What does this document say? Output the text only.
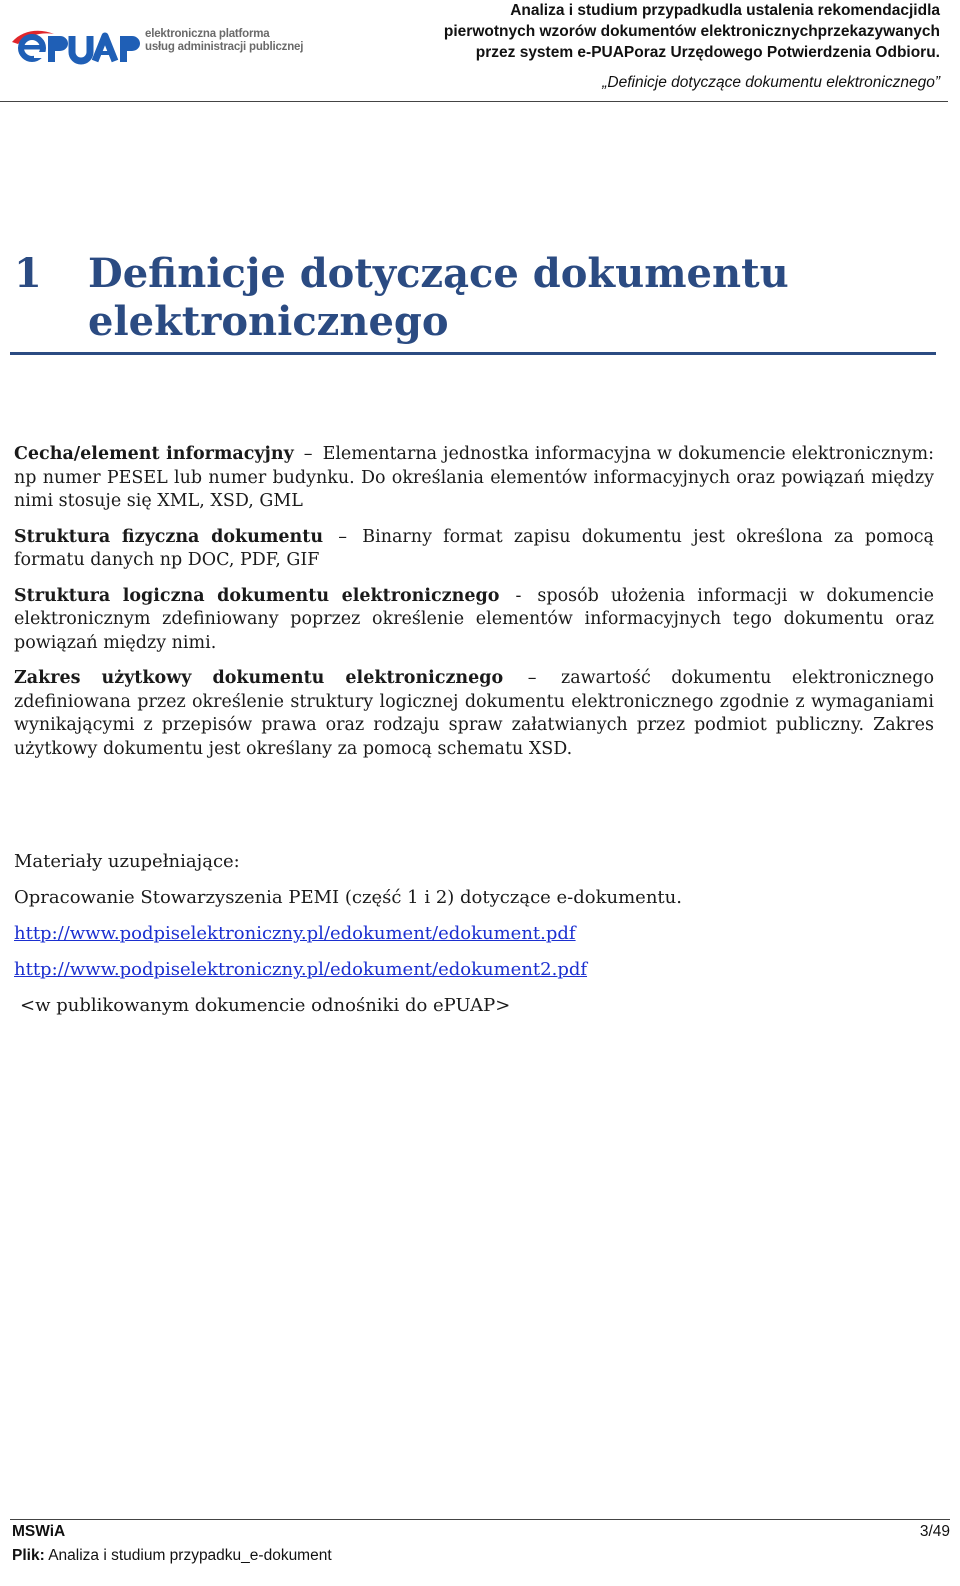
elektroniczna platforma
usług administracji publicznej
Analiza i studium przypadkudla ustalenia rekomendacjidla
pierwotnych wzorów dokumentów elektronicznychprzekazywanych
przez system e-PUAPoraz Urzędowego Potwierdzenia Odbioru.
„Definicje dotyczące dokumentu elektronicznego”
1 Definicje dotyczące dokumentu elektronicznego

Cecha/element informacyjny – Elementarna jednostka informacyjna w dokumencie elektronicznym: np numer PESEL lub numer budynku. Do określania elementów informacyjnych oraz powiązań między nimi stosuje się XML, XSD, GML

Struktura fizyczna dokumentu – Binarny format zapisu dokumentu jest określona za pomocą formatu danych np DOC, PDF, GIF

Struktura logiczna dokumentu elektronicznego - sposób ułożenia informacji w dokumencie elektronicznym zdefiniowany poprzez określenie elementów informacyjnych tego dokumentu oraz powiązań między nimi.

Zakres użytkowy dokumentu elektronicznego – zawartość dokumentu elektronicznego zdefiniowana przez określenie struktury logicznej dokumentu elektronicznego zgodnie z wymaganiami wynikającymi z przepisów prawa oraz rodzaju spraw załatwianych przez podmiot publiczny. Zakres użytkowy dokumentu jest określany za pomocą schematu XSD.

Materiały uzupełniające:

Opracowanie Stowarzyszenia PEMI (część 1 i 2) dotyczące e-dokumentu.

http://www.podpiselektroniczny.pl/edokument/edokument.pdf

http://www.podpiselektroniczny.pl/edokument/edokument2.pdf

<w publikowanym dokumencie odnośniki do ePUAP>

MSWiA	3/49
Plik: Analiza i studium przypadku_e-dokument
